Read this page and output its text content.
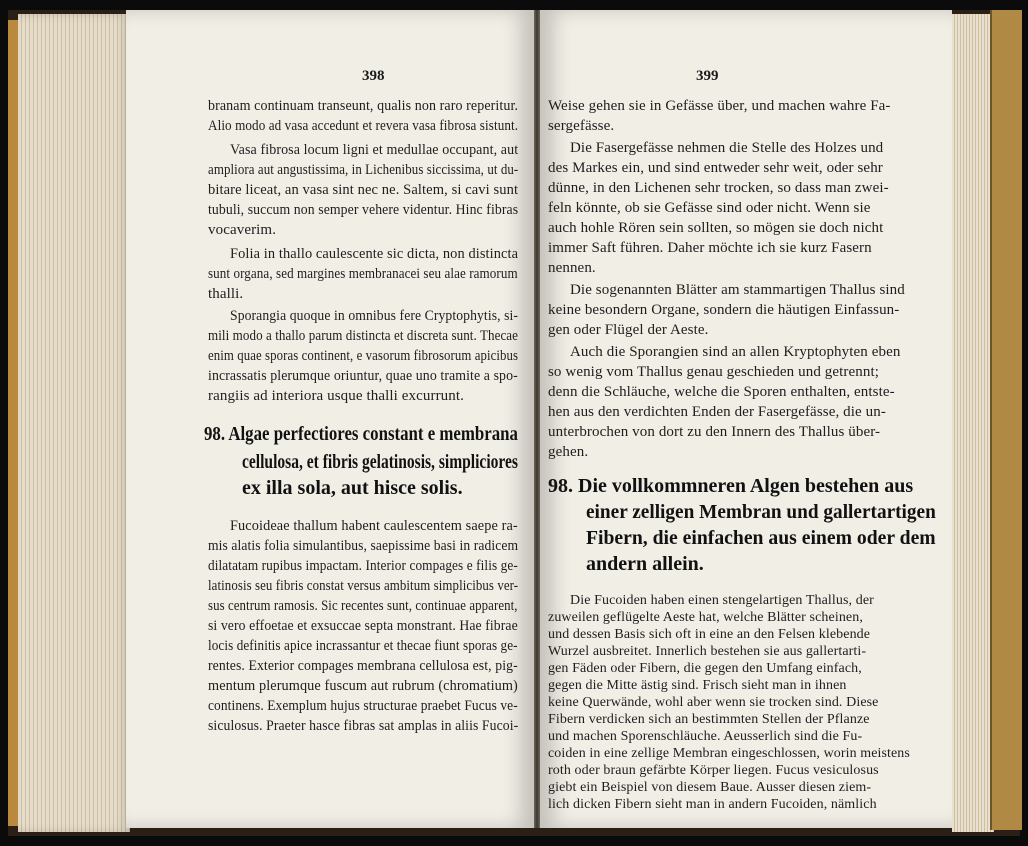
398
branam continuam transeunt, qualis non raro reperitur.
Alio modo ad vasa accedunt et revera vasa fibrosa sistunt.
Vasa fibrosa locum ligni et medullae occupant, aut
ampliora aut angustissima, in Lichenibus siccissima, ut du-
bitare liceat, an vasa sint nec ne. Saltem, si cavi sunt
tubuli, succum non semper vehere videntur. Hinc fibras
vocaverim.
Folia in thallo caulescente sic dicta, non distincta
sunt organa, sed margines membranacei seu alae ramorum
thalli.
Sporangia quoque in omnibus fere Cryptophytis, si-
mili modo a thallo parum distincta et discreta sunt. Thecae
enim quae sporas continent, e vasorum fibrosorum apicibus
incrassatis plerumque oriuntur, quae uno tramite a spo-
rangiis ad interiora usque thalli excurrunt.
98. Algae perfectiores constant e membrana
cellulosa, et fibris gelatinosis, simpliciores
ex illa sola, aut hisce solis.
Fucoideae thallum habent caulescentem saepe ra-
mis alatis folia simulantibus, saepissime basi in radicem
dilatatam rupibus impactam. Interior compages e filis ge-
latinosis seu fibris constat versus ambitum simplicibus ver-
sus centrum ramosis. Sic recentes sunt, continuae apparent,
si vero effoetae et exsuccae septa monstrant. Hae fibrae
locis definitis apice incrassantur et thecae fiunt sporas ge-
rentes. Exterior compages membrana cellulosa est, pig-
mentum plerumque fuscum aut rubrum (chromatium)
continens. Exemplum hujus structurae praebet Fucus ve-
siculosus. Praeter hasce fibras sat amplas in aliis Fucoi-
399
Weise gehen sie in Gefässe über, und machen wahre Fa-
sergefässe.
Die Fasergefässe nehmen die Stelle des Holzes und
des Markes ein, und sind entweder sehr weit, oder sehr
dünne, in den Lichenen sehr trocken, so dass man zwei-
feln könnte, ob sie Gefässe sind oder nicht. Wenn sie
auch hohle Rören sein sollten, so mögen sie doch nicht
immer Saft führen. Daher möchte ich sie kurz Fasern
nennen.
Die sogenannten Blätter am stammartigen Thallus sind
keine besondern Organe, sondern die häutigen Einfassun-
gen oder Flügel der Aeste.
Auch die Sporangien sind an allen Kryptophyten eben
so wenig vom Thallus genau geschieden und getrennt;
denn die Schläuche, welche die Sporen enthalten, entste-
hen aus den verdichten Enden der Fasergefässe, die un-
unterbrochen von dort zu den Innern des Thallus über-
gehen.
98. Die vollkommneren Algen bestehen aus
einer zelligen Membran und gallertartigen
Fibern, die einfachen aus einem oder dem
andern allein.
Die Fucoiden haben einen stengelartigen Thallus, der
zuweilen geflügelte Aeste hat, welche Blätter scheinen,
und dessen Basis sich oft in eine an den Felsen klebende
Wurzel ausbreitet. Innerlich bestehen sie aus gallertarti-
gen Fäden oder Fibern, die gegen den Umfang einfach,
gegen die Mitte ästig sind. Frisch sieht man in ihnen
keine Querwände, wohl aber wenn sie trocken sind. Diese
Fibern verdicken sich an bestimmten Stellen der Pflanze
und machen Sporenschläuche. Aeusserlich sind die Fu-
coiden in eine zellige Membran eingeschlossen, worin meistens
roth oder braun gefärbte Körper liegen. Fucus vesiculosus
giebt ein Beispiel von diesem Baue. Ausser diesen ziem-
lich dicken Fibern sieht man in andern Fucoiden, nämlich
